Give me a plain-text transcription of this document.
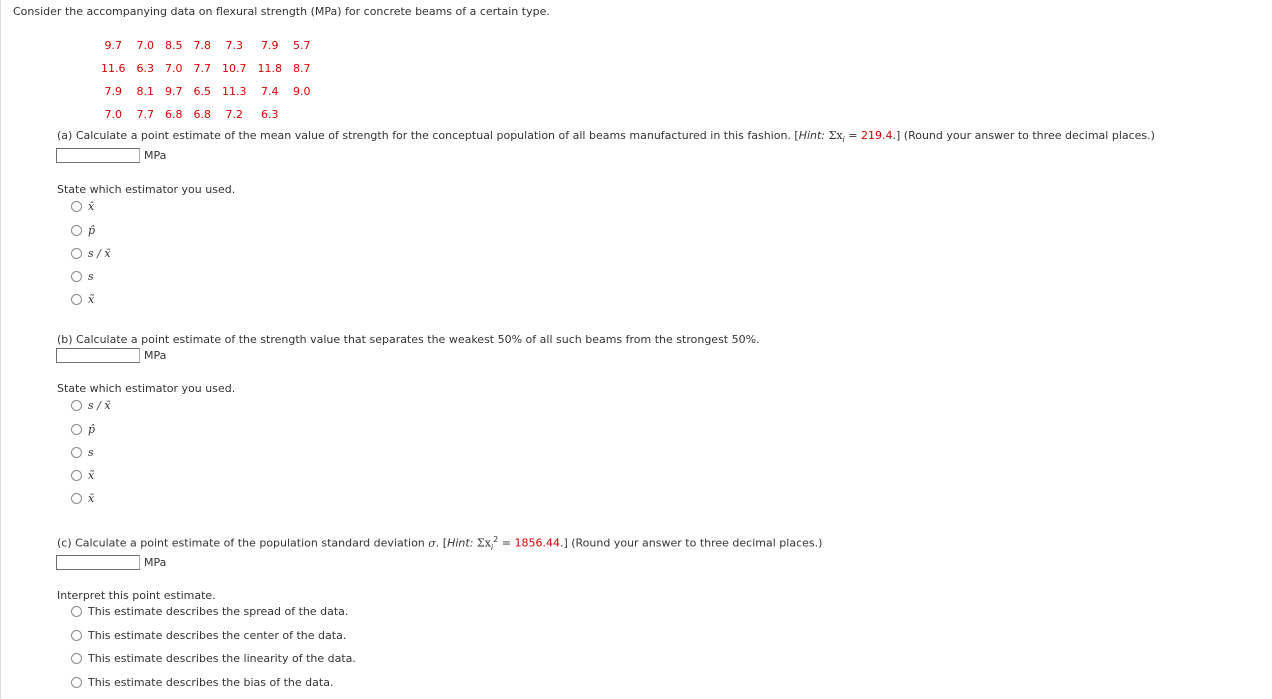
Consider the accompanying data on flexural strength (MPa) for concrete beams of a certain type.
9.7	7.0	8.5	7.8	7.3	7.9	5.7
11.6	6.3	7.0	7.7	10.7	11.8	8.7
7.9	8.1	9.7	6.5	11.3	7.4	9.0
7.0	7.7	6.8	6.8	7.2	6.3	
(a) Calculate a point estimate of the mean value of strength for the conceptual population of all beams manufactured in this fashion. [Hint: $\Sigma x_i = 219.4$.] (Round your answer to three decimal places.)
MPa
State which estimator you used.
x̄
p̂
s / x̄
s
x̃
(b) Calculate a point estimate of the strength value that separates the weakest 50% of all such beams from the strongest 50%.
MPa
State which estimator you used.
s / x̄
p̂
s
x̃
x̄
(c) Calculate a point estimate of the population standard deviation σ. [Hint: $\Sigma x_i^2 = 1856.44$.] (Round your answer to three decimal places.)
MPa
Interpret this point estimate.
This estimate describes the spread of the data.
This estimate describes the center of the data.
This estimate describes the linearity of the data.
This estimate describes the bias of the data.
